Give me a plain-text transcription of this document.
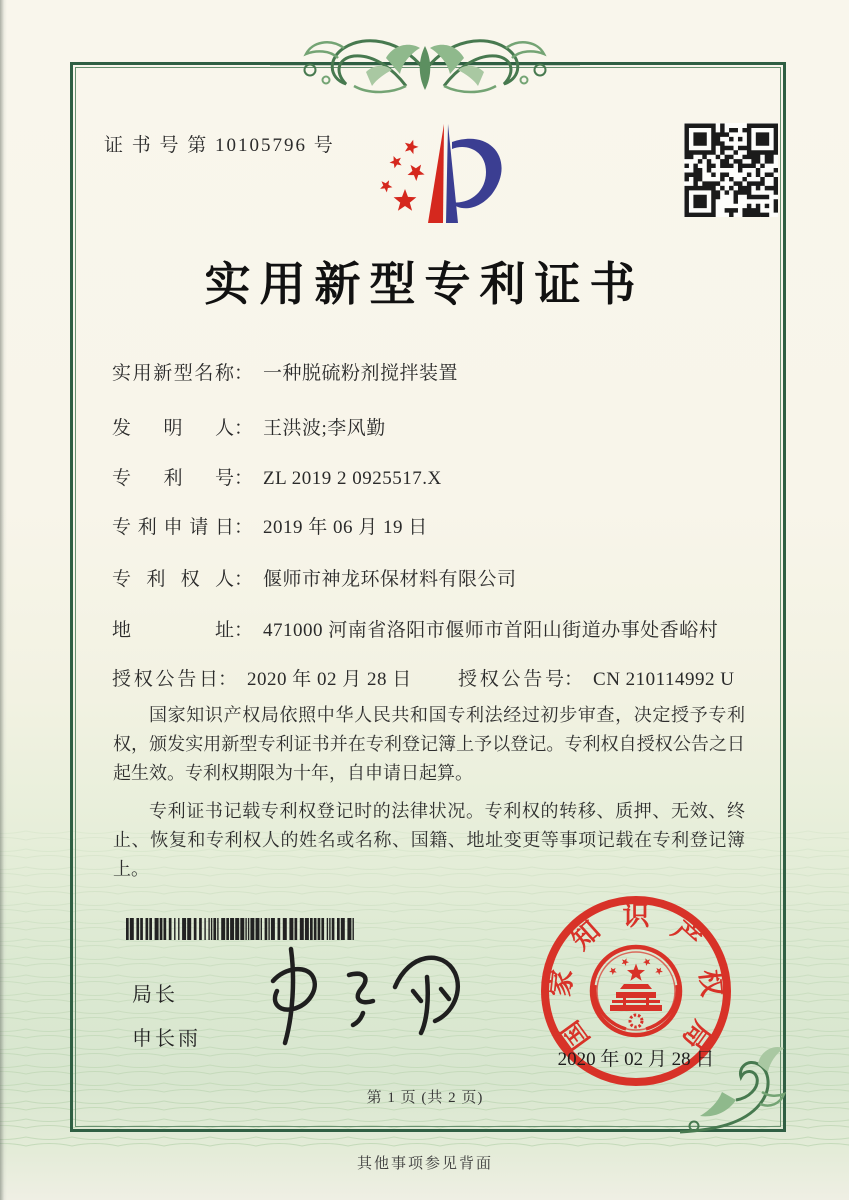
证 书 号 第 10105796 号
实用新型专利证书
实用新型名称： 一种脱硫粉剂搅拌装置
发明人： 王洪波;李风勤
专利号： ZL 2019 2 0925517.X
专利申请日： 2019 年 06 月 19 日
专利权人： 偃师市神龙环保材料有限公司
地址： 471000 河南省洛阳市偃师市首阳山街道办事处香峪村
授权公告日： 2020 年 02 月 28 日 授权公告号： CN 210114992 U

国家知识产权局依照中华人民共和国专利法经过初步审查，决定授予专利权，颁发实用新型专利证书并在专利登记簿上予以登记。专利权自授权公告之日起生效。专利权期限为十年，自申请日起算。

专利证书记载专利权登记时的法律状况。专利权的转移、质押、无效、终止、恢复和专利权人的姓名或名称、国籍、地址变更等事项记载在专利登记簿上。

局长
申长雨	国
家
知 识 产
权
局
2020 年 02 月 28 日
第 1 页 (共 2 页)
其他事项参见背面
